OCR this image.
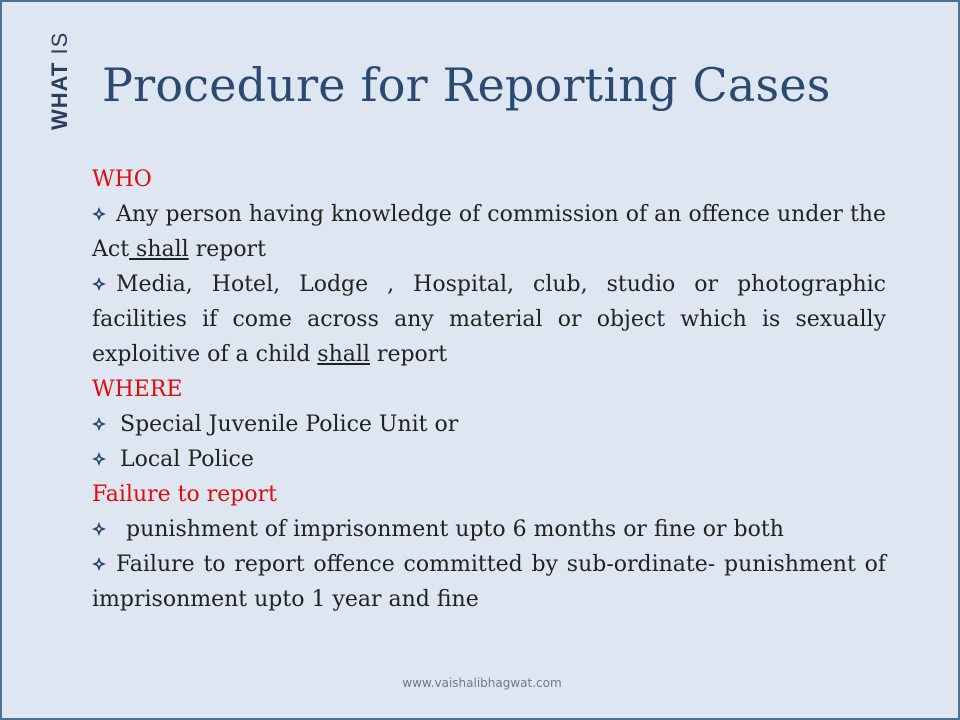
WHAT IS
Procedure for Reporting Cases

WHO

Any person having knowledge of commission of an offence under the Act shall report

Media, Hotel, Lodge , Hospital, club, studio or photographic facilities if come across any material or object which is sexually exploitive of a child shall report

WHERE

Special Juvenile Police Unit or

Local Police

Failure to report

punishment of imprisonment upto 6 months or fine or both

Failure to report offence committed by sub-ordinate- punishment of imprisonment upto 1 year and fine

www.vaishalibhagwat.com
